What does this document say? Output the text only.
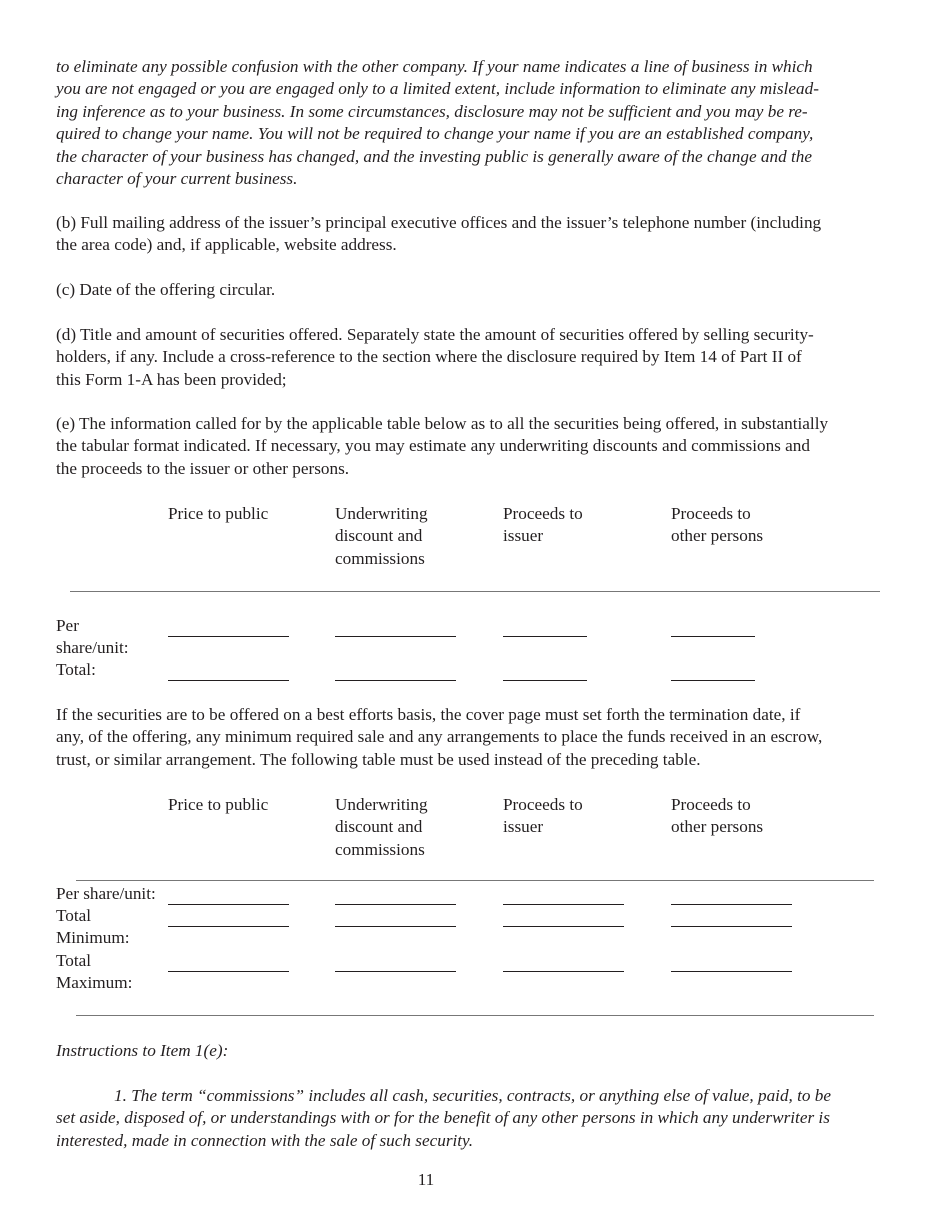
to eliminate any possible confusion with the other company. If your name indicates a line of business in which
you are not engaged or you are engaged only to a limited extent, include information to eliminate any mislead-
ing inference as to your business. In some circumstances, disclosure may not be sufficient and you may be re-
quired to change your name. You will not be required to change your name if you are an established company,
the character of your business has changed, and the investing public is generally aware of the change and the
character of your current business.
(b) Full mailing address of the issuer’s principal executive offices and the issuer’s telephone number (including
the area code) and, if applicable, website address.
(c) Date of the offering circular.
(d) Title and amount of securities offered. Separately state the amount of securities offered by selling security-
holders, if any. Include a cross-reference to the section where the disclosure required by Item 14 of Part II of
this Form 1-A has been provided;
(e) The information called for by the applicable table below as to all the securities being offered, in substantially
the tabular format indicated. If necessary, you may estimate any underwriting discounts and commissions and
the proceeds to the issuer or other persons.
Price to public	Underwriting
discount and
commissions
Proceeds to
issuer
Proceeds to
other persons
Per
share/unit:
Total:
If the securities are to be offered on a best efforts basis, the cover page must set forth the termination date, if
any, of the offering, any minimum required sale and any arrangements to place the funds received in an escrow,
trust, or similar arrangement. The following table must be used instead of the preceding table.
Price to public	Underwriting
discount and
commissions
Proceeds to
issuer
Proceeds to
other persons
Per share/unit:
Total
Minimum:
Total
Maximum:
Instructions to Item 1(e):
1. The term “commissions” includes all cash, securities, contracts, or anything else of value, paid, to be
set aside, disposed of, or understandings with or for the benefit of any other persons in which any underwriter is
interested, made in connection with the sale of such security.
11
